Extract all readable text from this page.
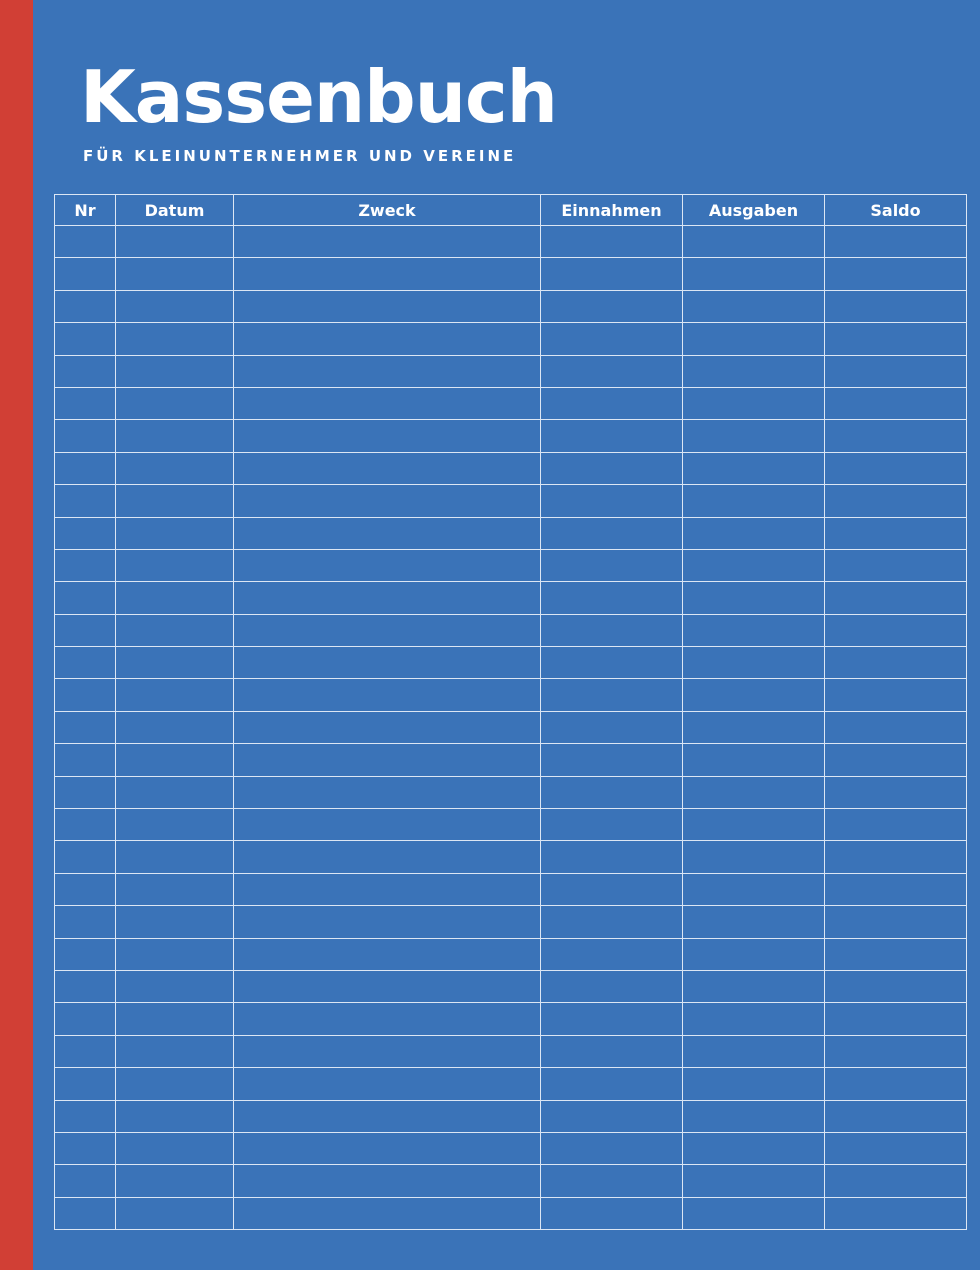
Kassenbuch

FÜR KLEINUNTERNEHMER UND VEREINE

Nr	Datum	Zweck	Einnahmen	Ausgaben	Saldo
